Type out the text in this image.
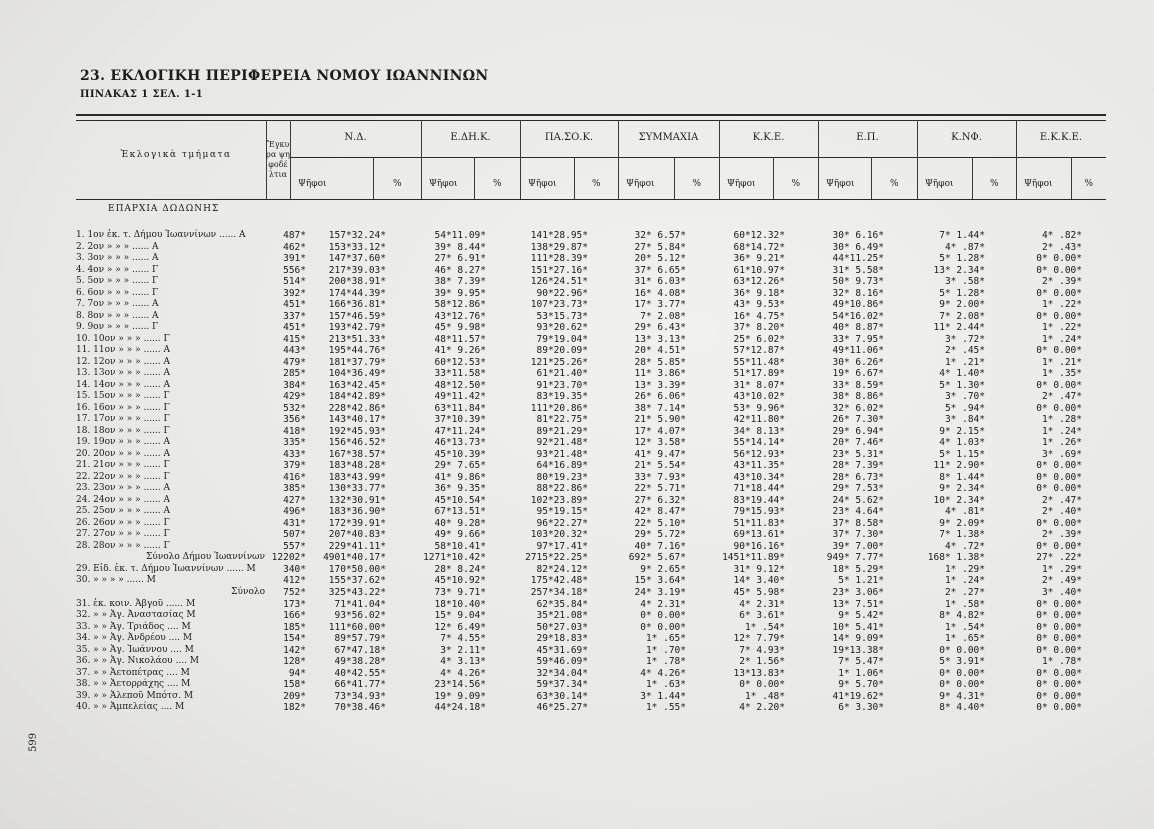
23. ΕΚΛΟΓΙΚΗ ΠΕΡΙΦΕΡΕΙΑ ΝΟΜΟΥ ΙΩΑΝΝΙΝΩΝ
ΠΙΝΑΚΑΣ 1 ΣΕΛ. 1-1
Ἐκλογικὰ τμήματα
Ἔγκυρα ψηφοδέλτια
Ν.Δ.
Ψῆφοι	%
Ε.ΔΗ.Κ.
Ψῆφοι	%
ΠΑ.ΣΟ.Κ.
Ψῆφοι	%
ΣΥΜΜΑΧΙΑ
Ψῆφοι	%
Κ.Κ.Ε.
Ψῆφοι	%
Ε.Π.
Ψῆφοι	%
Κ.ΝΦ.
Ψῆφοι	%
Ε.Κ.Κ.Ε.
Ψῆφοι	%
ΕΠΑΡΧΙΑ ΔΩΔΩΝΗΣ
1. 1ον ἐκ. τ. Δήμου Ἰωαννίνων ...... Α	487*	157*32.24*	54*11.09*	141*28.95*	32* 6.57*	60*12.32*	30* 6.16*	7* 1.44*	4* .82*
2. 2ον » » » ...... Α	462*	153*33.12*	39* 8.44*	138*29.87*	27* 5.84*	68*14.72*	30* 6.49*	4* .87*	2* .43*
3. 3ον » » » ...... Α	391*	147*37.60*	27* 6.91*	111*28.39*	20* 5.12*	36* 9.21*	44*11.25*	5* 1.28*	0* 0.00*
4. 4ον » » » ...... Γ	556*	217*39.03*	46* 8.27*	151*27.16*	37* 6.65*	61*10.97*	31* 5.58*	13* 2.34*	0* 0.00*
5. 5ον » » » ...... Γ	514*	200*38.91*	38* 7.39*	126*24.51*	31* 6.03*	63*12.26*	50* 9.73*	3* .58*	2* .39*
6. 6ον » » » ...... Γ	392*	174*44.39*	39* 9.95*	90*22.96*	16* 4.08*	36* 9.18*	32* 8.16*	5* 1.28*	0* 0.00*
7. 7ον » » » ...... Α	451*	166*36.81*	58*12.86*	107*23.73*	17* 3.77*	43* 9.53*	49*10.86*	9* 2.00*	1* .22*
8. 8ον » » » ...... Α	337*	157*46.59*	43*12.76*	53*15.73*	7* 2.08*	16* 4.75*	54*16.02*	7* 2.08*	0* 0.00*
9. 9ον » » » ...... Γ	451*	193*42.79*	45* 9.98*	93*20.62*	29* 6.43*	37* 8.20*	40* 8.87*	11* 2.44*	1* .22*
10. 10ον » » » ...... Γ	415*	213*51.33*	48*11.57*	79*19.04*	13* 3.13*	25* 6.02*	33* 7.95*	3* .72*	1* .24*
11. 11ον » » » ...... Α	443*	195*44.76*	41* 9.26*	89*20.09*	20* 4.51*	57*12.87*	49*11.06*	2* .45*	0* 0.00*
12. 12ον » » » ...... Α	479*	181*37.79*	60*12.53*	121*25.26*	28* 5.85*	55*11.48*	30* 6.26*	1* .21*	1* .21*
13. 13ον » » » ...... Α	285*	104*36.49*	33*11.58*	61*21.40*	11* 3.86*	51*17.89*	19* 6.67*	4* 1.40*	1* .35*
14. 14ον » » » ...... Α	384*	163*42.45*	48*12.50*	91*23.70*	13* 3.39*	31* 8.07*	33* 8.59*	5* 1.30*	0* 0.00*
15. 15ον » » » ...... Γ	429*	184*42.89*	49*11.42*	83*19.35*	26* 6.06*	43*10.02*	38* 8.86*	3* .70*	2* .47*
16. 16ον » » » ...... Γ	532*	228*42.86*	63*11.84*	111*20.86*	38* 7.14*	53* 9.96*	32* 6.02*	5* .94*	0* 0.00*
17. 17ον » » » ...... Γ	356*	143*40.17*	37*10.39*	81*22.75*	21* 5.90*	42*11.80*	26* 7.30*	3* .84*	1* .28*
18. 18ον » » » ...... Γ	418*	192*45.93*	47*11.24*	89*21.29*	17* 4.07*	34* 8.13*	29* 6.94*	9* 2.15*	1* .24*
19. 19ον » » » ...... Α	335*	156*46.52*	46*13.73*	92*21.48*	12* 3.58*	55*14.14*	20* 7.46*	4* 1.03*	1* .26*
20. 20ον » » » ...... Α	433*	167*38.57*	45*10.39*	93*21.48*	41* 9.47*	56*12.93*	23* 5.31*	5* 1.15*	3* .69*
21. 21ον » » » ...... Γ	379*	183*48.28*	29* 7.65*	64*16.89*	21* 5.54*	43*11.35*	28* 7.39*	11* 2.90*	0* 0.00*
22. 22ον » » » ...... Γ	416*	183*43.99*	41* 9.86*	80*19.23*	33* 7.93*	43*10.34*	28* 6.73*	8* 1.44*	0* 0.00*
23. 23ον » » » ...... Α	385*	130*33.77*	36* 9.35*	88*22.86*	22* 5.71*	71*18.44*	29* 7.53*	9* 2.34*	0* 0.00*
24. 24ον » » » ...... Α	427*	132*30.91*	45*10.54*	102*23.89*	27* 6.32*	83*19.44*	24* 5.62*	10* 2.34*	2* .47*
25. 25ον » » » ...... Α	496*	183*36.90*	67*13.51*	95*19.15*	42* 8.47*	79*15.93*	23* 4.64*	4* .81*	2* .40*
26. 26ον » » » ...... Γ	431*	172*39.91*	40* 9.28*	96*22.27*	22* 5.10*	51*11.83*	37* 8.58*	9* 2.09*	0* 0.00*
27. 27ον » » » ...... Γ	507*	207*40.83*	49* 9.66*	103*20.32*	29* 5.72*	69*13.61*	37* 7.30*	7* 1.38*	2* .39*
28. 28ον » » » ...... Γ	557*	229*41.11*	58*10.41*	97*17.41*	40* 7.16*	90*16.16*	39* 7.00*	4* .72*	0* 0.00*
Σύνολο Δήμου Ἰωαννίνων 12202*	4901*40.17*	1271*10.42*	2715*22.25*	692* 5.67*	1451*11.89*	949* 7.77*	168* 1.38*	27* .22*
29. Εἰδ. ἐκ. τ. Δήμου Ἰωαννίνων ...... Μ	340*	170*50.00*	28* 8.24*	82*24.12*	9* 2.65*	31* 9.12*	18* 5.29*	1* .29*	1* .29*
30. » » » » ...... Μ	412*	155*37.62*	45*10.92*	175*42.48*	15* 3.64*	14* 3.40*	5* 1.21*	1* .24*	2* .49*
Σύνολο	752*	325*43.22*	73* 9.71*	257*34.18*	24* 3.19*	45* 5.98*	23* 3.06*	2* .27*	3* .40*
31. ἐκ. κοιν. Ἀβγοῦ ...... Μ	173*	71*41.04*	18*10.40*	62*35.84*	4* 2.31*	4* 2.31*	13* 7.51*	1* .58*	0* 0.00*
32. » » Ἀγ. Ἀναστασίας Μ	166*	93*56.02*	15* 9.04*	35*21.08*	0* 0.00*	6* 3.61*	9* 5.42*	8* 4.82*	0* 0.00*
33. » » Ἀγ. Τριάδος .... Μ	185*	111*60.00*	12* 6.49*	50*27.03*	0* 0.00*	1* .54*	10* 5.41*	1* .54*	0* 0.00*
34. » » Ἀγ. Ἀνδρέου .... Μ	154*	89*57.79*	7* 4.55*	29*18.83*	1* .65*	12* 7.79*	14* 9.09*	1* .65*	0* 0.00*
35. » » Ἀγ. Ἰωάννου .... Μ	142*	67*47.18*	3* 2.11*	45*31.69*	1* .70*	7* 4.93*	19*13.38*	0* 0.00*	0* 0.00*
36. » » Ἀγ. Νικολάου .... Μ	128*	49*38.28*	4* 3.13*	59*46.09*	1* .78*	2* 1.56*	7* 5.47*	5* 3.91*	1* .78*
37. » » Ἀετοπέτρας .... Μ	94*	40*42.55*	4* 4.26*	32*34.04*	4* 4.26*	13*13.83*	1* 1.06*	0* 0.00*	0* 0.00*
38. » » Ἀετορράχης .... Μ	158*	66*41.77*	23*14.56*	59*37.34*	1* .63*	0* 0.00*	9* 5.70*	0* 0.00*	0* 0.00*
39. » » Ἀλεποῦ Μπότσ. Μ	209*	73*34.93*	19* 9.09*	63*30.14*	3* 1.44*	1* .48*	41*19.62*	9* 4.31*	0* 0.00*
40. » » Ἀμπελείας .... Μ	182*	70*38.46*	44*24.18*	46*25.27*	1* .55*	4* 2.20*	6* 3.30*	8* 4.40*	0* 0.00*
599
